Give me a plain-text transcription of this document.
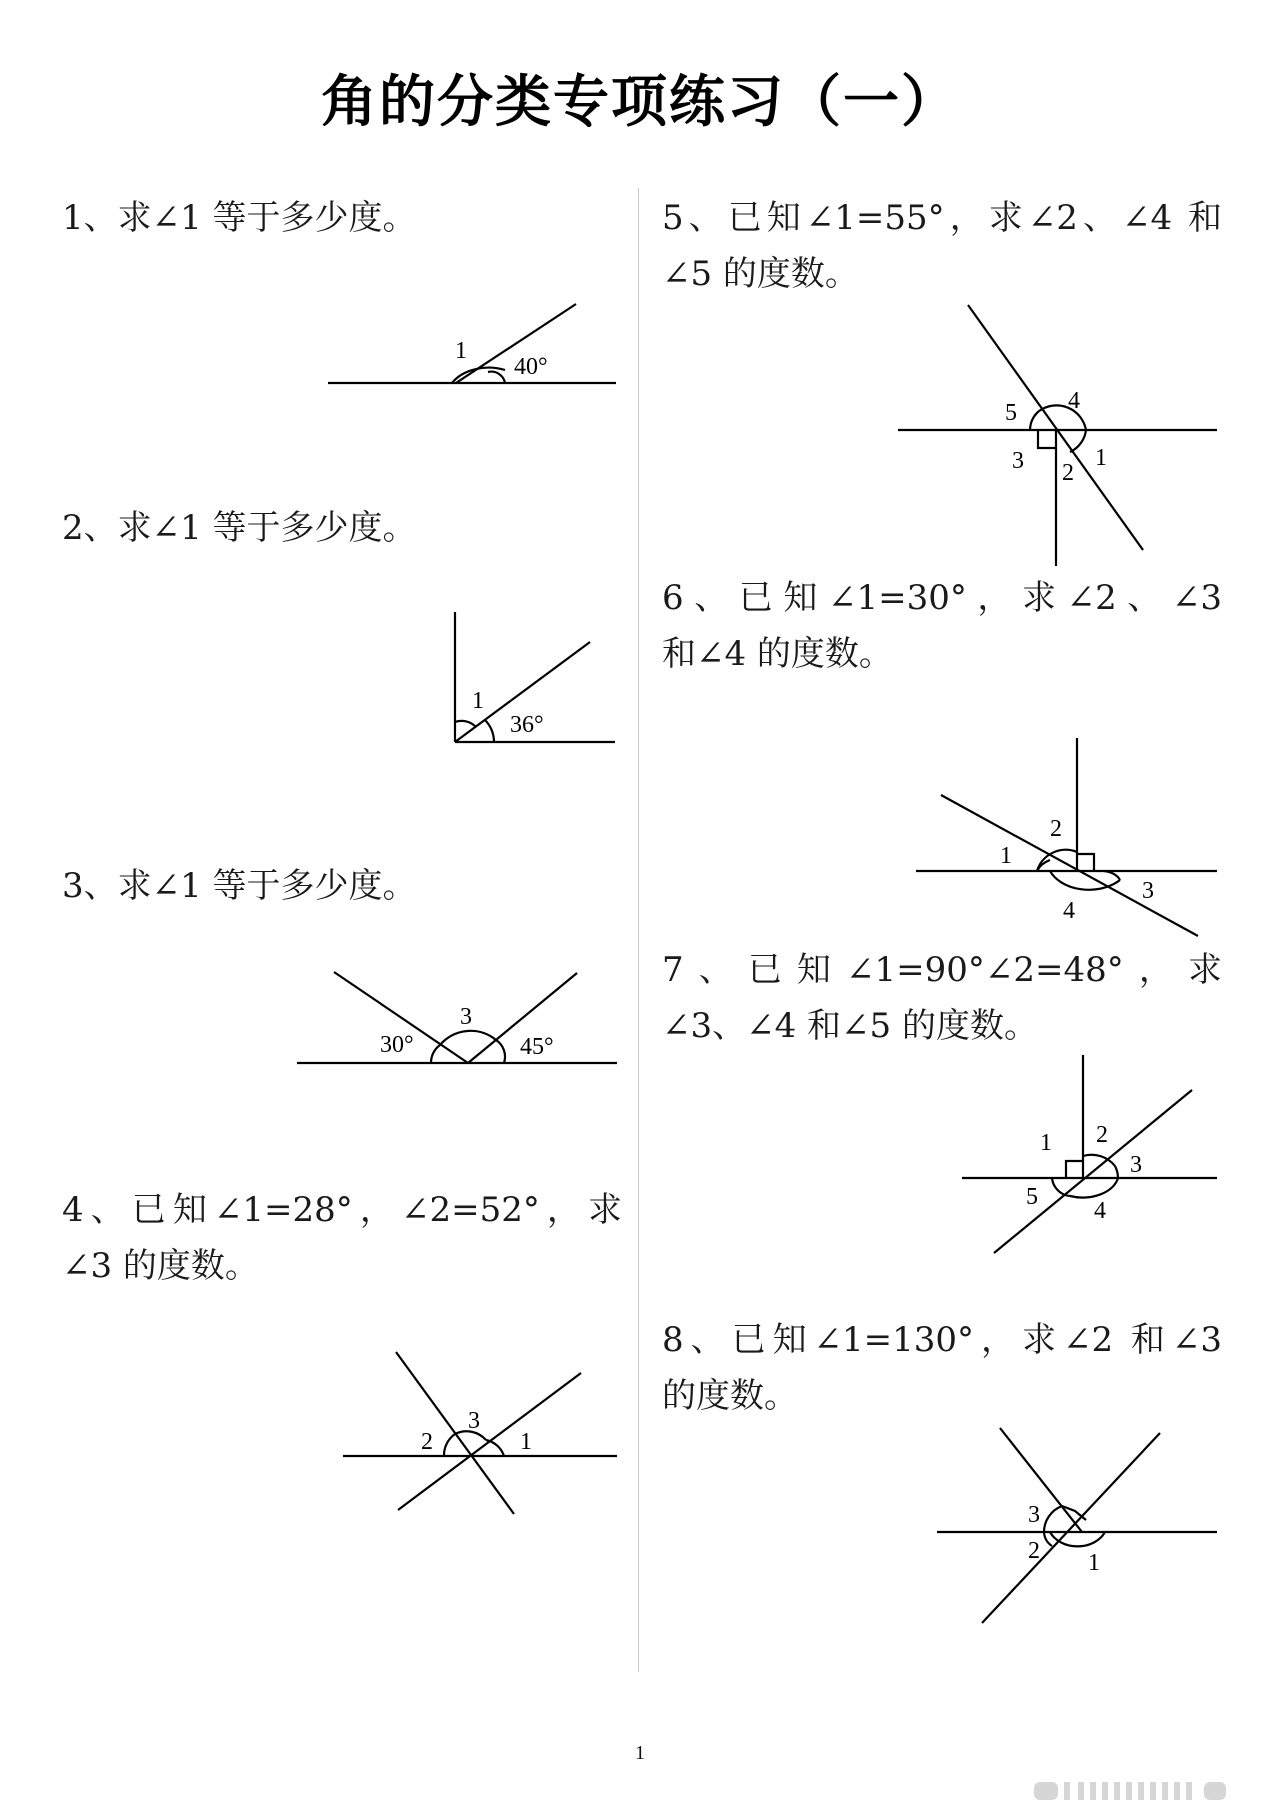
角的分类专项练习（一）
1、求∠1 等于多少度。
1
40°
2、求∠1 等于多少度。
1
36°
3、求∠1 等于多少度。
30°
3
45°
4、已知∠1=28°，∠2=52°，求
∠3 的度数。
2
3
1
5、已知∠1=55°，求∠2、∠4 和
∠5 的度数。
5 4
3 2
1
6、已知∠1=30°，求∠2、∠3
和∠4 的度数。
2
1
3
4
7、已知∠1=90°∠2=48°，求
∠3、∠4 和∠5 的度数。
1 2
3
5
4
8、已知∠1=130°，求∠2 和∠3
的度数。
3
2 1
1
